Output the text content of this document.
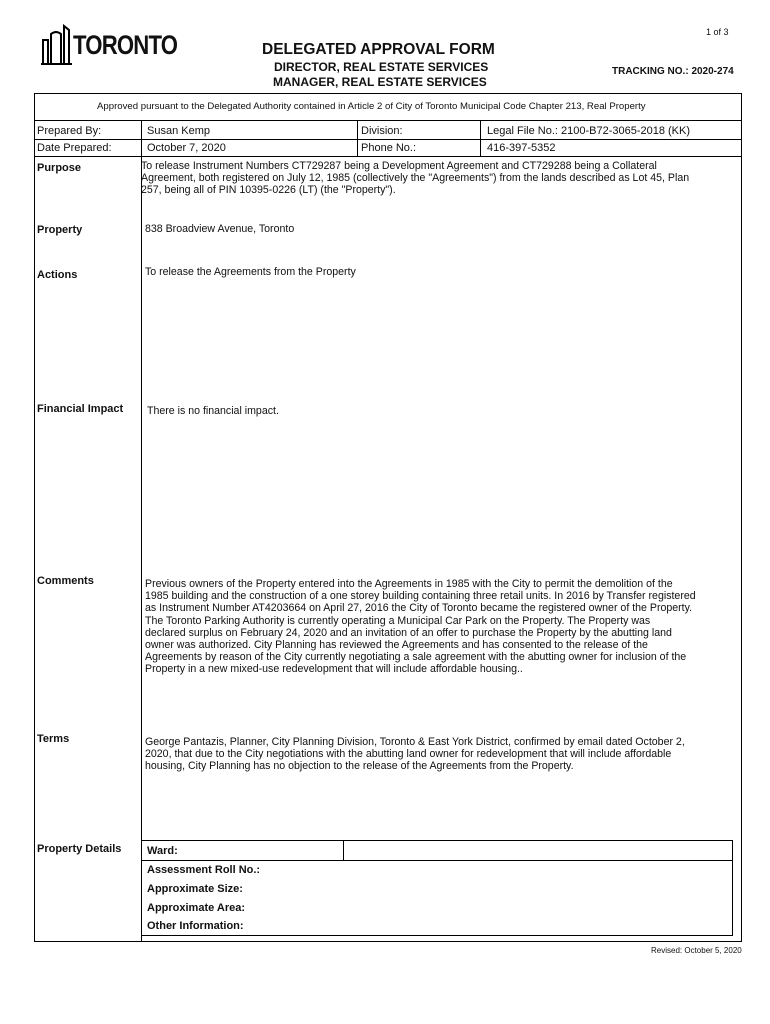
1 of 3
TORONTO	DELEGATED APPROVAL FORM
DIRECTOR, REAL ESTATE SERVICES
MANAGER, REAL ESTATE SERVICES
TRACKING NO.: 2020-274
Approved pursuant to the Delegated Authority contained in Article 2 of City of Toronto Municipal Code Chapter 213, Real Property
Prepared By:	Susan Kemp	Division:	Legal File No.: 2100-B72-3065-2018 (KK)
Date Prepared:	October 7, 2020	Phone No.:	416-397-5352
Purpose	To release Instrument Numbers CT729287 being a Development Agreement and CT729288 being a Collateral
Agreement, both registered on July 12, 1985 (collectively the "Agreements") from the lands described as Lot 45, Plan
257, being all of PIN 10395-0226 (LT) (the "Property").
Property	838 Broadview Avenue, Toronto
Actions	To release the Agreements from the Property
Financial Impact There is no financial impact.
Comments	Previous owners of the Property entered into the Agreements in 1985 with the City to permit the demolition of the
1985 building and the construction of a one storey building containing three retail units. In 2016 by Transfer registered
as Instrument Number AT4203664 on April 27, 2016 the City of Toronto became the registered owner of the Property.
The Toronto Parking Authority is currently operating a Municipal Car Park on the Property. The Property was
declared surplus on February 24, 2020 and an invitation of an offer to purchase the Property by the abutting land
owner was authorized. City Planning has reviewed the Agreements and has consented to the release of the
Agreements by reason of the City currently negotiating a sale agreement with the abutting owner for inclusion of the
Property in a new mixed-use redevelopment that will include affordable housing..
Terms	George Pantazis, Planner, City Planning Division, Toronto & East York District, confirmed by email dated October 2,
2020, that due to the City negotiations with the abutting land owner for redevelopment that will include affordable
housing, City Planning has no objection to the release of the Agreements from the Property.
Property Details Ward:
Assessment Roll No.:
Approximate Size:
Approximate Area:
Other Information:
Revised: October 5, 2020
